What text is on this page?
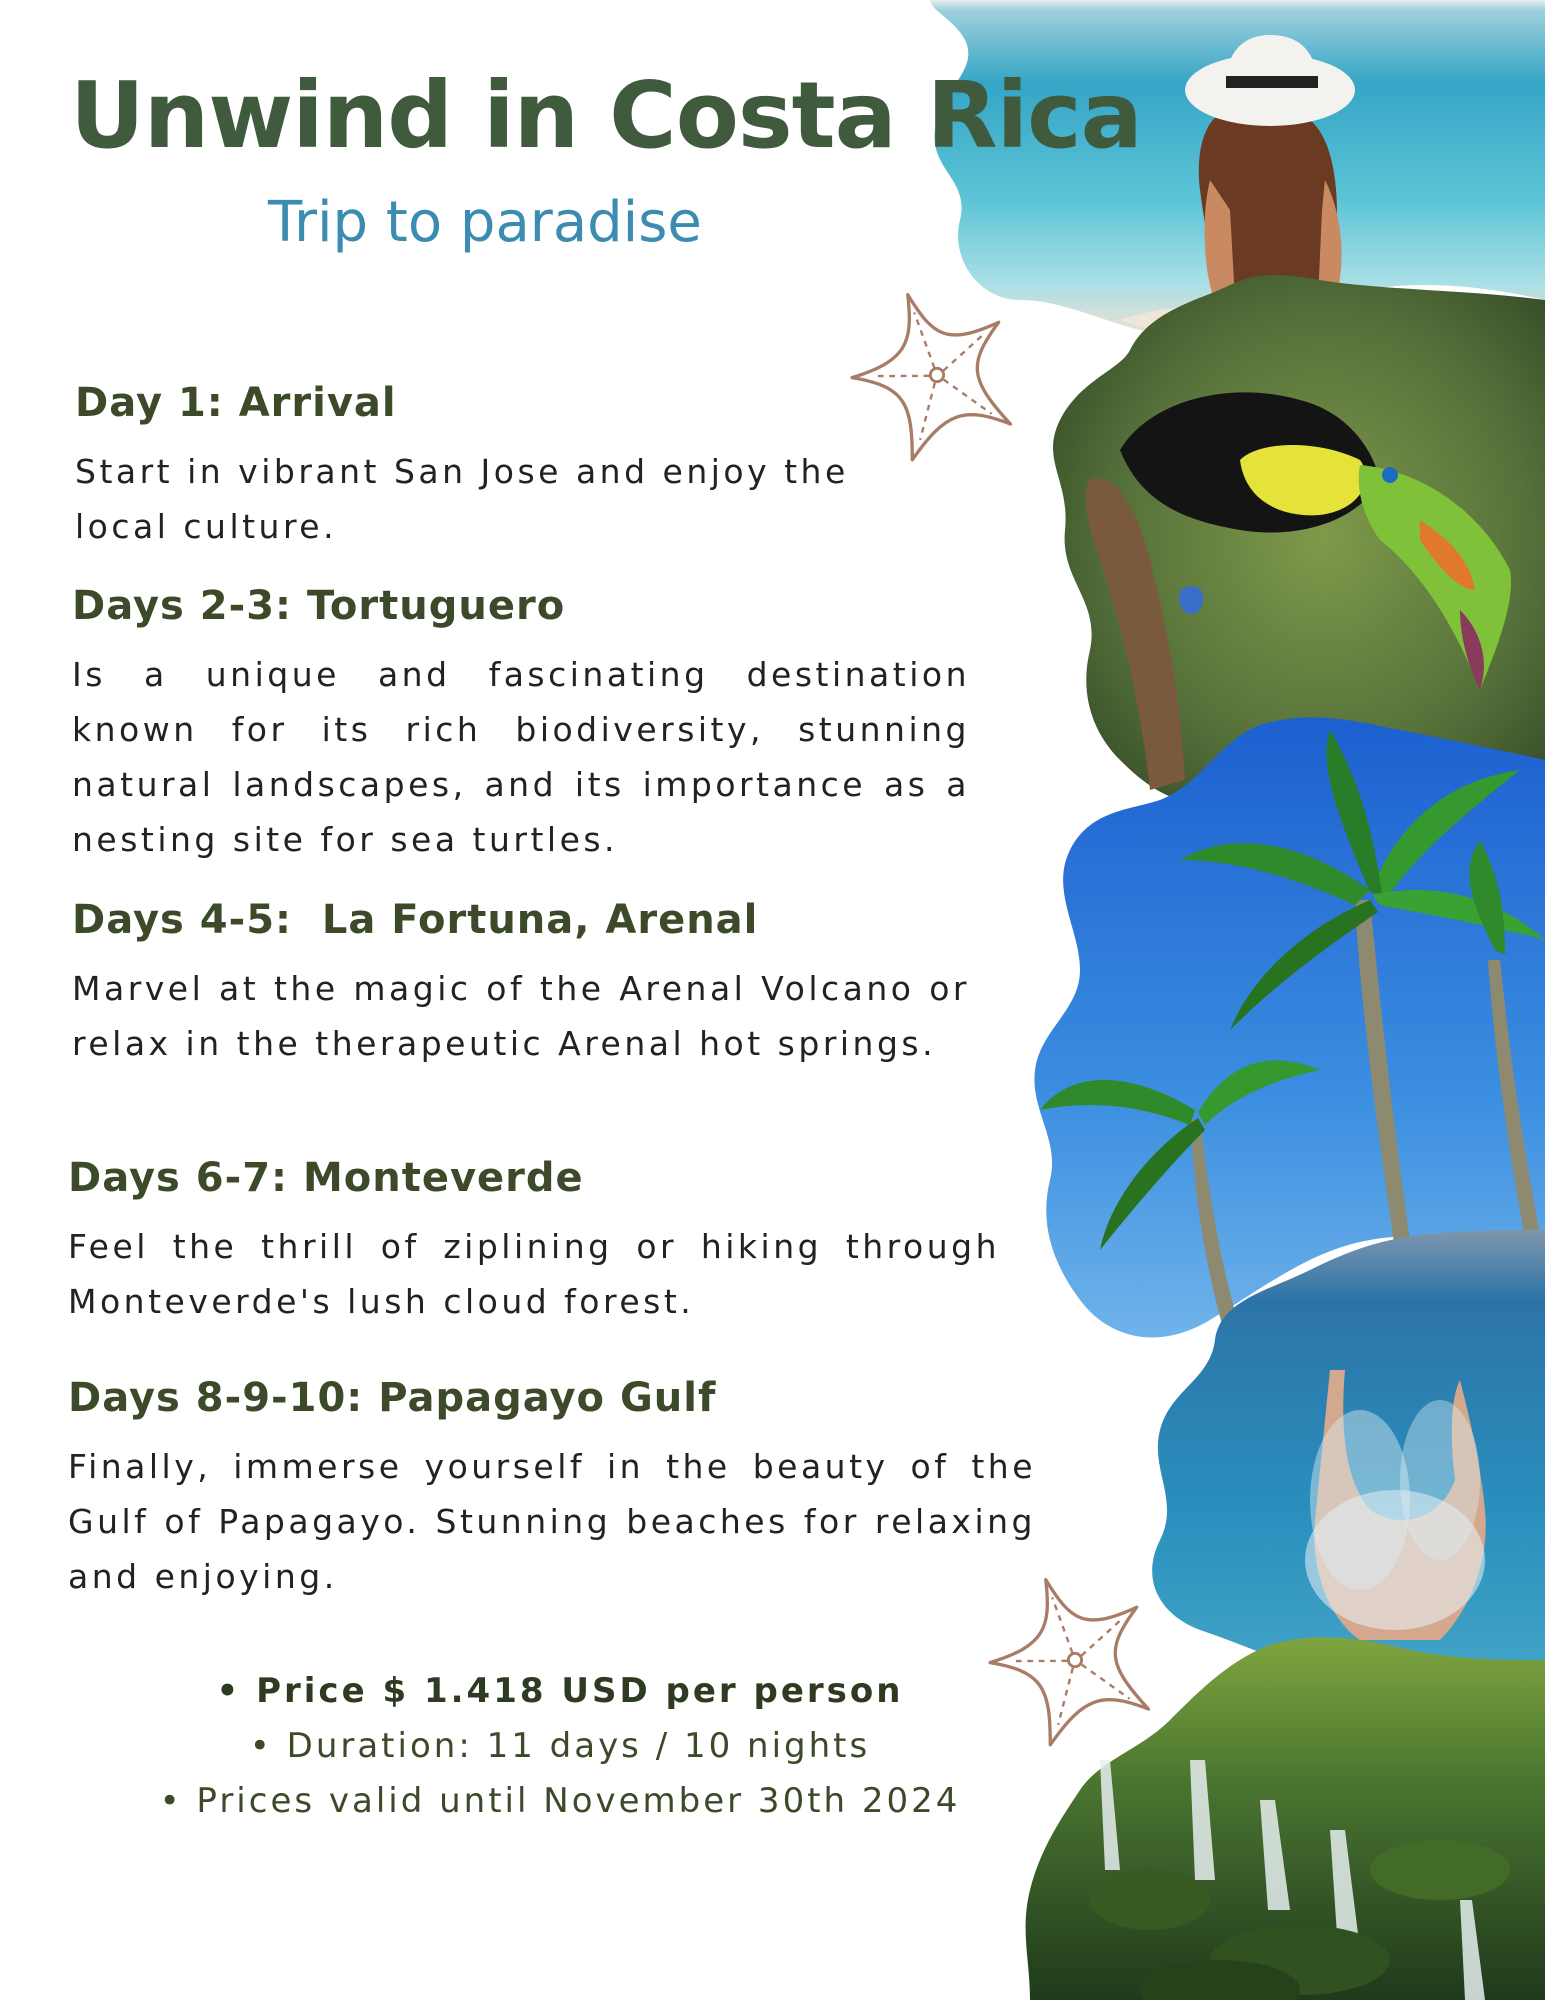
Unwind in Costa Rica
Trip to paradise
Day 1: Arrival

Start in vibrant San Jose and enjoy the local culture.

Days 2-3: Tortuguero

Is a unique and fascinating destination known for its rich biodiversity, stunning natural landscapes, and its importance as a nesting site for sea turtles.

Days 4-5:  La Fortuna, Arenal

Marvel at the magic of the Arenal Volcano or relax in the therapeutic Arenal hot springs.

Days 6-7: Monteverde

Feel the thrill of ziplining or hiking through Monteverde's lush cloud forest.

Days 8-9-10: Papagayo Gulf

Finally, immerse yourself in the beauty of the Gulf of Papagayo. Stunning beaches for relaxing and enjoying.

• Price $ 1.418 USD per person
• Duration: 11 days / 10 nights
• Prices valid until November 30th 2024
